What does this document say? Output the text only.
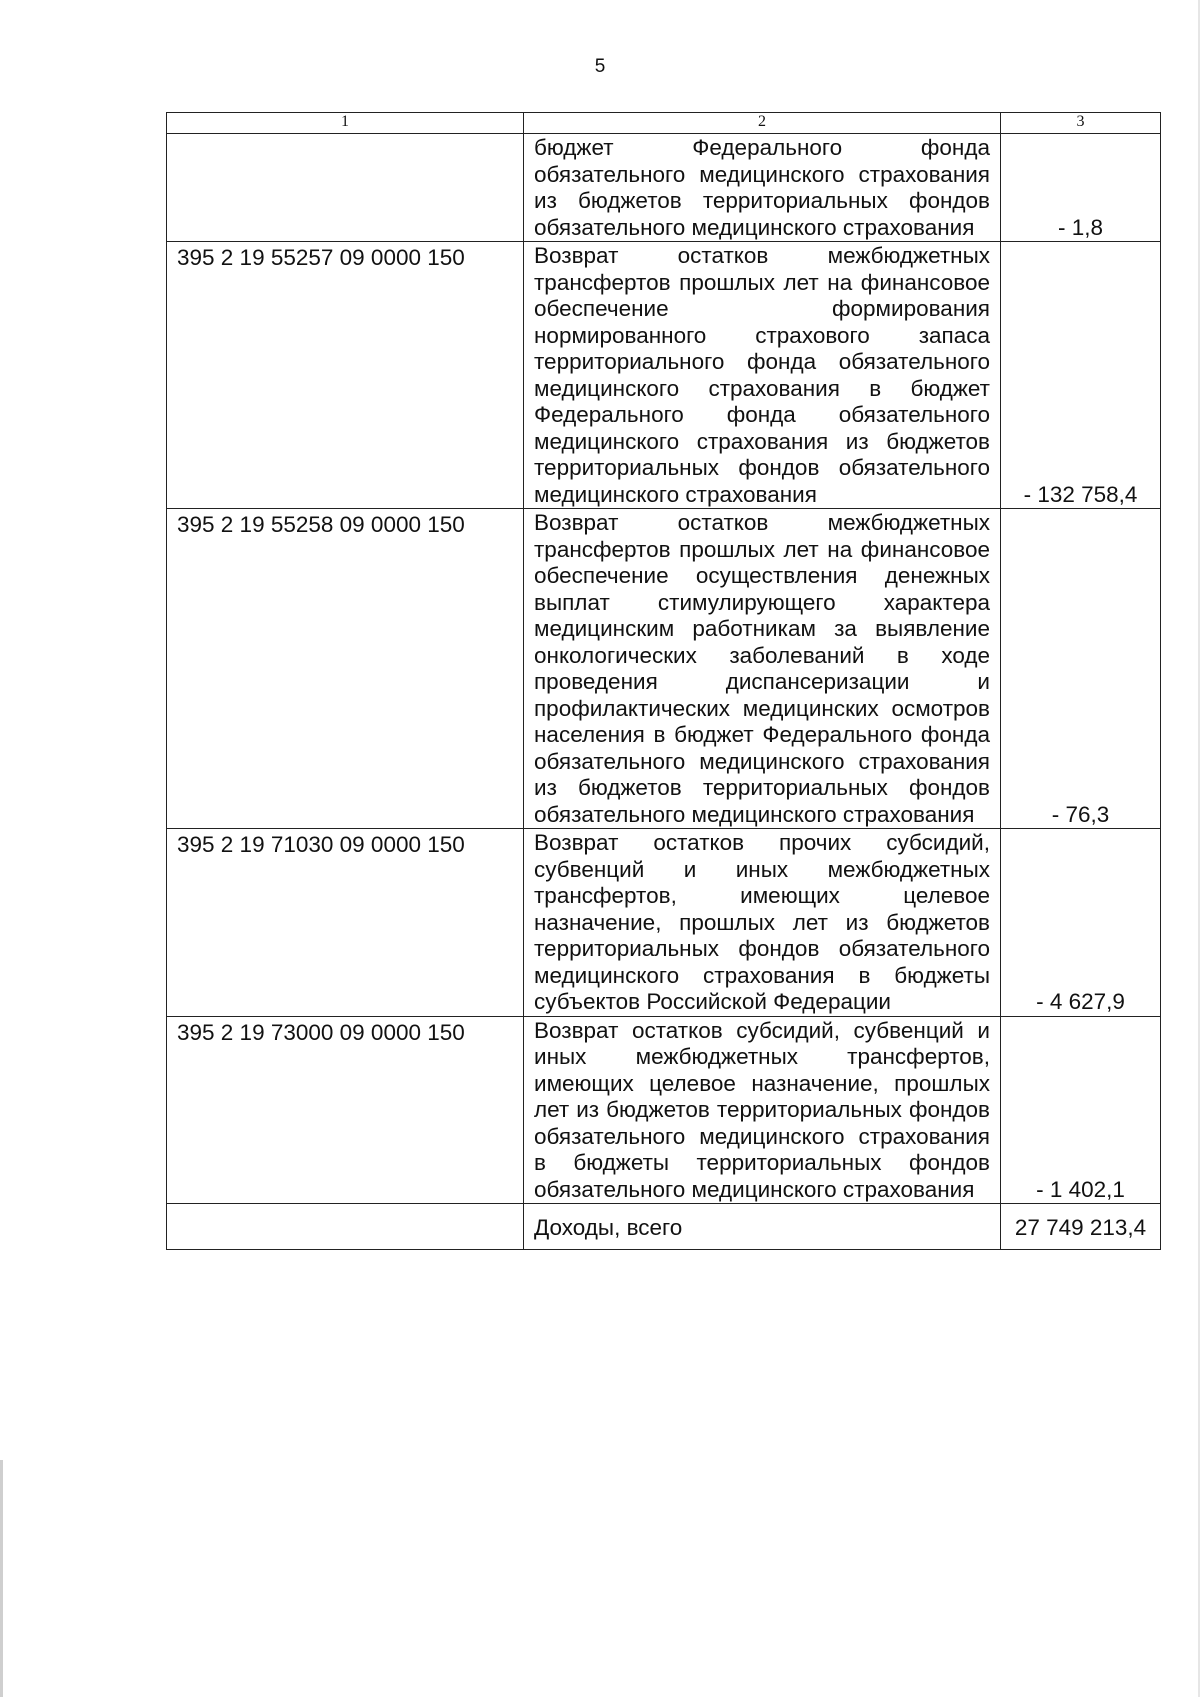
5
1	2	3
	бюджет Федерального фонда обязательного медицинского страхования из бюджетов территориальных фондов обязательного медицинского страхования	- 1,8
395 2 19 55257 09 0000 150	Возврат остатков межбюджетных трансфертов прошлых лет на финансовое обеспечение формирования нормированного страхового запаса территориального фонда обязательного медицинского страхования в бюджет Федерального фонда обязательного медицинского страхования из бюджетов территориальных фондов обязательного медицинского страхования	- 132 758,4
395 2 19 55258 09 0000 150	Возврат остатков межбюджетных трансфертов прошлых лет на финансовое обеспечение осуществления денежных выплат стимулирующего характера медицинским работникам за выявление онкологических заболеваний в ходе проведения диспансеризации и профилактических медицинских осмотров населения в бюджет Федерального фонда обязательного медицинского страхования из бюджетов территориальных фондов обязательного медицинского страхования	- 76,3
395 2 19 71030 09 0000 150	Возврат остатков прочих субсидий, субвенций и иных межбюджетных трансфертов, имеющих целевое назначение, прошлых лет из бюджетов территориальных фондов обязательного медицинского страхования в бюджеты субъектов Российской Федерации	- 4 627,9
395 2 19 73000 09 0000 150	Возврат остатков субсидий, субвенций и иных межбюджетных трансфертов, имеющих целевое назначение, прошлых лет из бюджетов территориальных фондов обязательного медицинского страхования в бюджеты территориальных фондов обязательного медицинского страхования	- 1 402,1
	Доходы, всего	27 749 213,4
